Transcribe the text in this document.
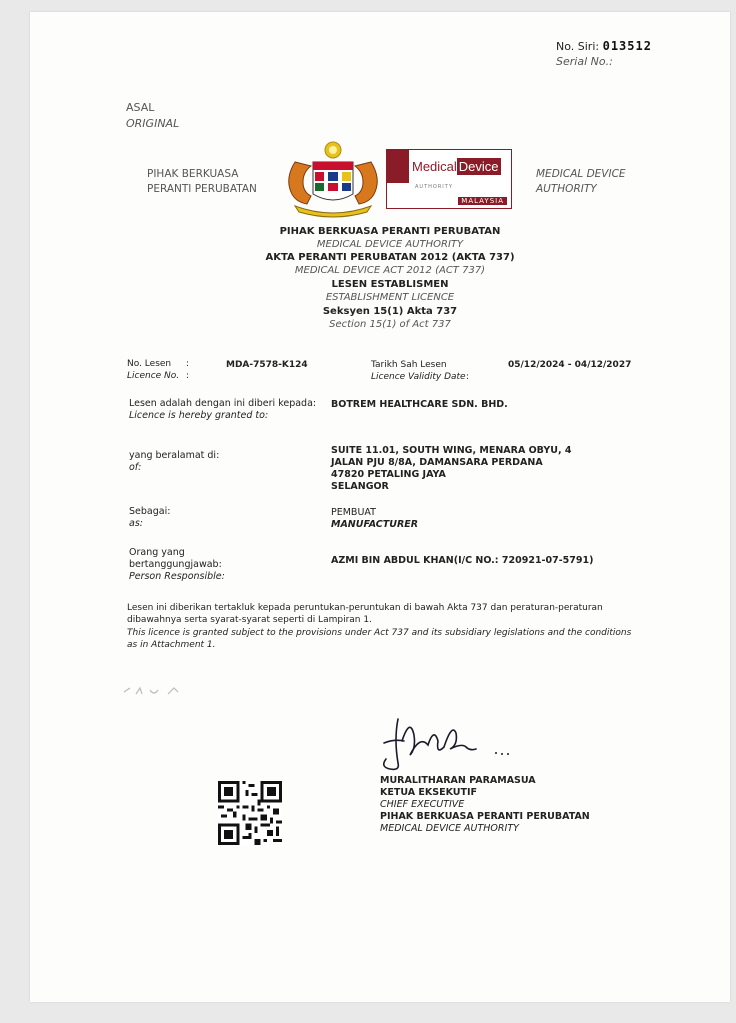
No. Siri: 013512
Serial No.:
ASAL
ORIGINAL
PIHAK BERKUASA
PERANTI PERUBATAN
MEDICAL DEVICE
AUTHORITY
Medical Device
AUTHORITY
MALAYSIA
PIHAK BERKUASA PERANTI PERUBATAN
MEDICAL DEVICE AUTHORITY
AKTA PERANTI PERUBATAN 2012 (AKTA 737)
MEDICAL DEVICE ACT 2012 (ACT 737)
LESEN ESTABLISMEN
ESTABLISHMENT LICENCE
Seksyen 15(1) Akta 737
Section 15(1) of Act 737
No. Lesen
Licence No.
:
:
MDA-7578-K124	Tarikh Sah Lesen
Licence Validity Date :
05/12/2024 - 04/12/2027
Lesen adalah dengan ini diberi kepada:
Licence is hereby granted to:
BOTREM HEALTHCARE SDN. BHD.
yang beralamat di:
of:
SUITE 11.01, SOUTH WING, MENARA OBYU, 4
JALAN PJU 8/8A, DAMANSARA PERDANA
47820 PETALING JAYA
SELANGOR
Sebagai:
as:
PEMBUAT
MANUFACTURER
Orang yang
bertanggungjawab:
Person Responsible:
AZMI BIN ABDUL KHAN(I/C NO.: 720921-07-5791)
Lesen ini diberikan tertakluk kepada peruntukan-peruntukan di bawah Akta 737 dan peraturan-peraturan
dibawahnya serta syarat-syarat seperti di Lampiran 1.
This licence is granted subject to the provisions under Act 737 and its subsidiary legislations and the conditions
as in Attachment 1.
MURALITHARAN PARAMASUA
KETUA EKSEKUTIF
CHIEF EXECUTIVE
PIHAK BERKUASA PERANTI PERUBATAN
MEDICAL DEVICE AUTHORITY
